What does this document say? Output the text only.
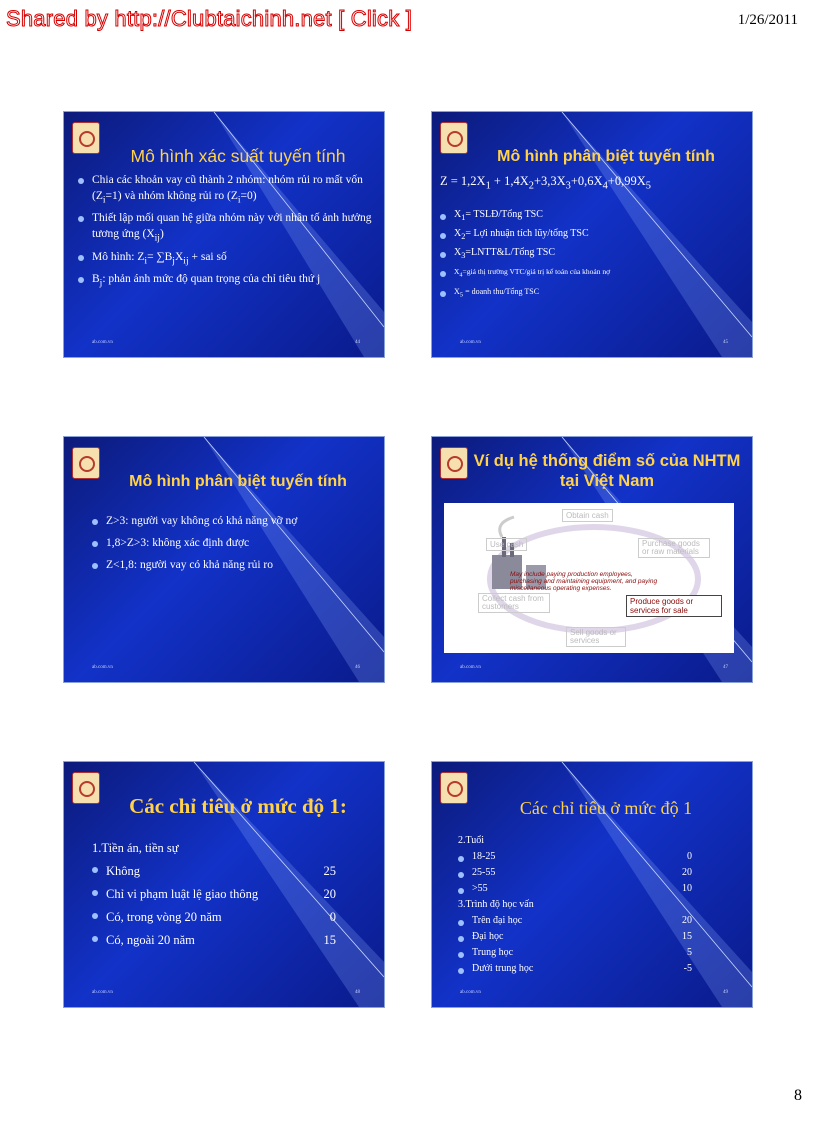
Shared by http://Clubtaichinh.net [ Click ]	1/26/2011
Mô hình xác suất tuyến tính
Chia các khoản vay cũ thành 2 nhóm: nhóm rủi ro mất vốn $(Z_i=1)$ và nhóm không rủi ro $(Z_i=0)$
Thiết lập mối quan hệ giữa nhóm này với nhân tố ảnh hưởng tương ứng $(X_{ij})$
Mô hình: $Z_i= \sum B_jX_{ij}$ + sai số
$B_j$: phản ánh mức độ quan trọng của chỉ tiêu thứ j
ab.com.vn	44
Mô hình phân biệt tuyến tính
$Z = 1,2X_1 + 1,4X_2+3,3X_3+0,6X_4+0,99X_5$
$X_1=$ TSLĐ/Tổng TSC
$X_2=$ Lợi nhuận tích lũy/tổng TSC
$X_3=LNTT\&L$/Tổng TSC
$X_4=giá$ thị trường VTC/giá trị kế toán của khoản nợ
$X_5$ = doanh thu/Tổng TSC
ab.com.vn	45
Mô hình phân biệt tuyến tính
Z>3: người vay không có khả năng vỡ nợ
1,8>Z>3: không xác định được
Z<1,8: người vay có khả năng rủi ro
ab.com.vn	46
Ví dụ hệ thống điểm số của NHTM tại Việt Nam
Obtain cash
Use cash	Purchase goods or raw materials
May include paying production employees, purchasing and maintaining equipment, and paying miscellaneous operating expenses.
Produce goods or services for sale
Collect cash from customers
Sell goods or services
ab.com.vn	47
Các chỉ tiêu ở mức độ 1:
1.Tiền án, tiền sự
Không	25
Chỉ vi phạm luật lệ giao thông	20
Có, trong vòng 20 năm	0
Có, ngoài 20 năm	15
ab.com.vn	48
Các chỉ tiêu ở mức độ 1
2.Tuổi
18-25	0
25-55	20
>55	10
3.Trình độ học vấn
Trên đại học	20
Đại học	15
Trung học	5
Dưới trung học	-5
ab.com.vn	49
8
